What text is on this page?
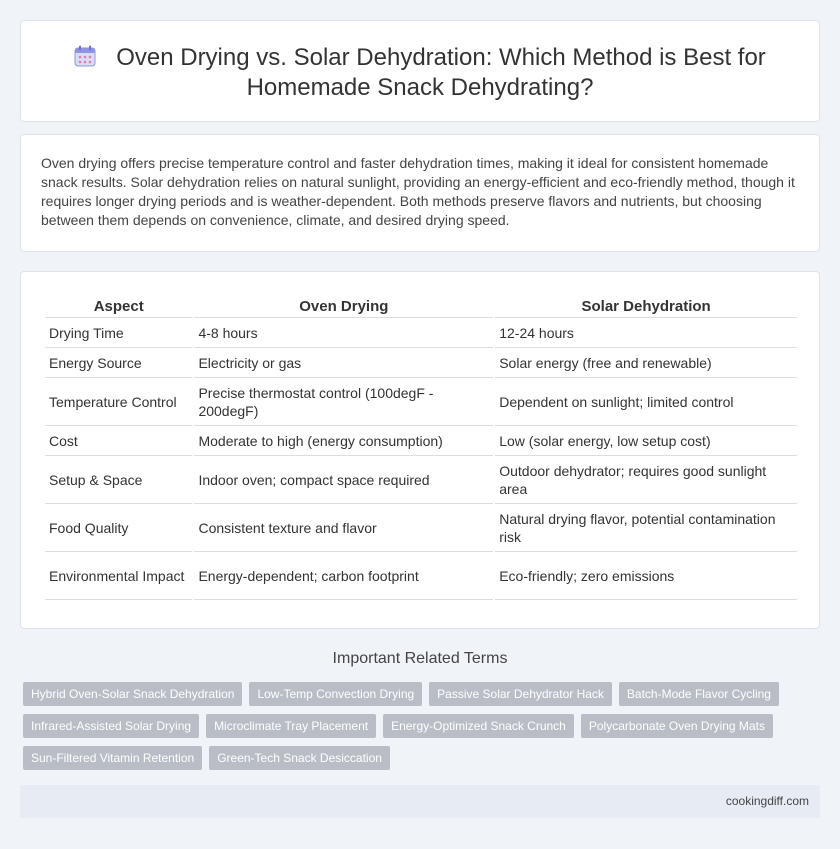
Oven Drying vs. Solar Dehydration: Which Method is Best for
Homemade Snack Dehydrating?

Oven drying offers precise temperature control and faster dehydration times, making it ideal for consistent homemade snack results. Solar dehydration relies on natural sunlight, providing an energy-efficient and eco-friendly method, though it requires longer drying periods and is weather-dependent. Both methods preserve flavors and nutrients, but choosing between them depends on convenience, climate, and desired drying speed.

Aspect	Oven Drying	Solar Dehydration
Drying Time	4-8 hours	12-24 hours
Energy Source	Electricity or gas	Solar energy (free and renewable)
Temperature Control	Precise thermostat control (100degF - 200degF)	Dependent on sunlight; limited control
Cost	Moderate to high (energy consumption)	Low (solar energy, low setup cost)
Setup & Space	Indoor oven; compact space required	Outdoor dehydrator; requires good sunlight area
Food Quality	Consistent texture and flavor	Natural drying flavor, potential contamination risk
Environmental Impact	Energy-dependent; carbon footprint	Eco-friendly; zero emissions
Important Related Terms
Hybrid Oven-Solar Snack Dehydration	Low-Temp Convection Drying	Passive Solar Dehydrator Hack	Batch-Mode Flavor Cycling
Infrared-Assisted Solar Drying	Microclimate Tray Placement	Energy-Optimized Snack Crunch	Polycarbonate Oven Drying Mats
Sun-Filtered Vitamin Retention	Green-Tech Snack Desiccation
cookingdiff.com
